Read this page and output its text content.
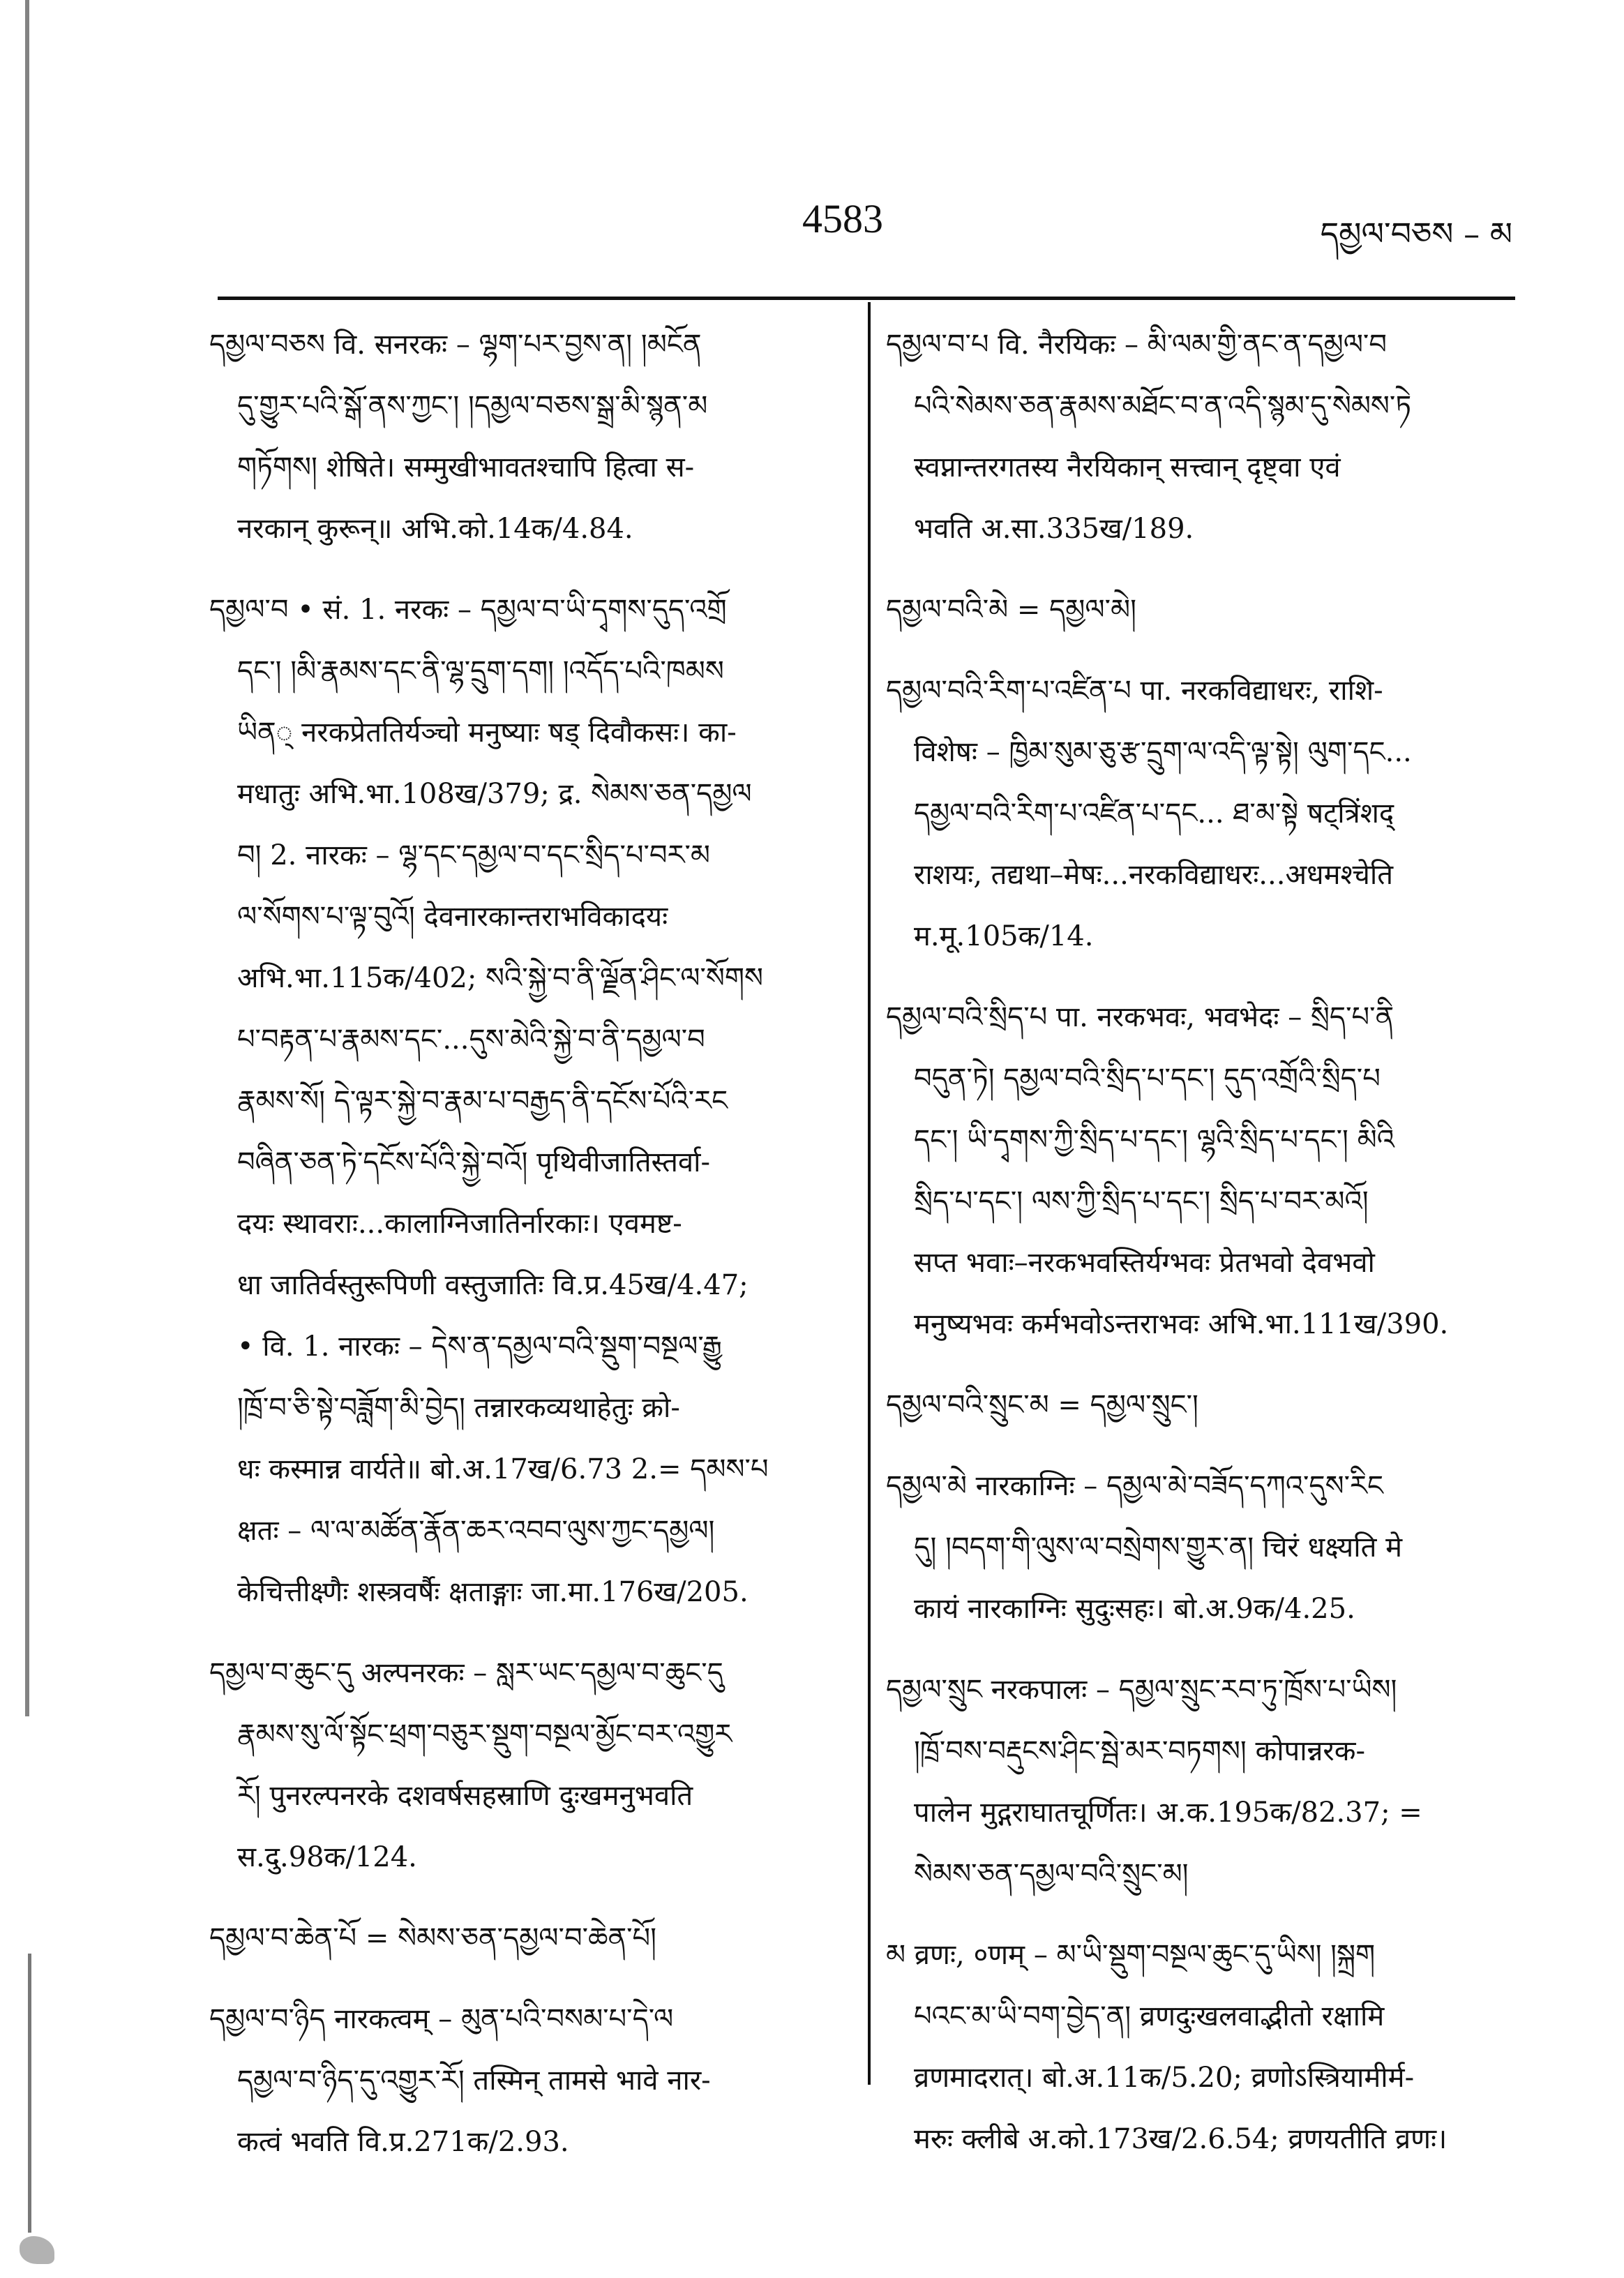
4583	དམྱལ་བཅས – མ
དམྱལ་བཅས वि. सनरकः – ལྷག་པར་བྱས་ན། །མངོན
དུ་གྱུར་པའི་སྒོ་ནས་ཀྱང་། །དམྱལ་བཅས་སྒྲ་མི་སྙན་མ
གཏོགས། शेषिते। सम्मुखीभावतश्चापि हित्वा स-
नरकान् कुरून्॥ अभि.को.14क/4.84.
དམྱལ་བ • सं. 1. नरकः – དམྱལ་བ་ཡི་དྭགས་དུད་འགྲོ
དང་། །མི་རྣམས་དང་ནི་ལྷ་དྲུག་དག། །འདོད་པའི་ཁམས
ཡིན् नरकप्रेततिर्यञ्चो मनुष्याः षड् दिवौकसः। का-
मधातुः अभि.भा.108ख/379; द्र. སེམས་ཅན་དམྱལ
བ། 2. नारकः – ལྷ་དང་དམྱལ་བ་དང་སྲིད་པ་བར་མ
ལ་སོགས་པ་ལྟ་བུའོ། देवनारकान्तराभविकादयः
अभि.भा.115क/402; སའི་སྐྱེ་བ་ནི་ལྗོན་ཤིང་ལ་སོགས
པ་བརྟན་པ་རྣམས་དང་...དུས་མེའི་སྐྱེ་བ་ནི་དམྱལ་བ
རྣམས་སོ། དེ་ལྟར་སྐྱེ་བ་རྣམ་པ་བརྒྱད་ནི་དངོས་པོའི་རང
བཞིན་ཅན་ཏེ་དངོས་པོའི་སྐྱེ་བའོ། पृथिवीजातिस्तर्वा-
दयः स्थावराः...कालाग्निजातिर्नारकाः। एवमष्ट-
धा जातिर्वस्तुरूपिणी वस्तुजातिः वि.प्र.45ख/4.47;
• वि. 1. नारकः – དེས་ན་དམྱལ་བའི་སྡུག་བསྔལ་རྒྱུ
།ཁྲོ་བ་ཅི་སྟེ་བཟློག་མི་བྱེད། तन्नारकव्यथाहेतुः क्रो-
धः कस्मान्न वार्यते॥ बो.अ.17ख/6.73 2.= དམས་པ
क्षतः – ལ་ལ་མཚོན་རྣོན་ཆར་འབབ་ལུས་ཀྱང་དམྱལ།
केचित्तीक्ष्णैः शस्त्रवर्षैः क्षताङ्गाः जा.मा.176ख/205.
དམྱལ་བ་ཆུང་དུ अल्पनरकः – སླར་ཡང་དམྱལ་བ་ཆུང་དུ
རྣམས་སུ་ལོ་སྟོང་ཕྲག་བཅུར་སྡུག་བསྔལ་མྱོང་བར་འགྱུར
རོ། पुनरल्पनरके दशवर्षसहस्राणि दुःखमनुभवति
स.दु.98क/124.
དམྱལ་བ་ཆེན་པོ = སེམས་ཅན་དམྱལ་བ་ཆེན་པོ།
དམྱལ་བ་ཉིད नारकत्वम् – མུན་པའི་བསམ་པ་དེ་ལ
དམྱལ་བ་ཉིད་དུ་འགྱུར་རོ། तस्मिन् तामसे भावे नार-
कत्वं भवति वि.प्र.271क/2.93.
དམྱལ་བ་པ वि. नैरयिकः – མི་ལམ་གྱི་ནང་ན་དམྱལ་བ
པའི་སེམས་ཅན་རྣམས་མཐོང་བ་ན་འདི་སྙམ་དུ་སེམས་ཏེ
स्वप्नान्तरगतस्य नैरयिकान् सत्त्वान् दृष्ट्वा एवं
भवति अ.सा.335ख/189.
དམྱལ་བའི་མེ = དམྱལ་མེ།
དམྱལ་བའི་རིག་པ་འཛིན་པ पा. नरकविद्याधरः, राशि-
विशेषः – ཁྱིམ་སུམ་ཅུ་རྩ་དྲུག་ལ་འདི་ལྟ་སྟེ། ལུག་དང...
དམྱལ་བའི་རིག་པ་འཛིན་པ་དང... ཐ་མ་སྟེ षट्त्रिंशद्
राशयः, तद्यथा–मेषः...नरकविद्याधरः...अधमश्चेति
म.मू.105क/14.
དམྱལ་བའི་སྲིད་པ पा. नरकभवः, भवभेदः – སྲིད་པ་ནི
བདུན་ཏེ། དམྱལ་བའི་སྲིད་པ་དང་། དུད་འགྲོའི་སྲིད་པ
དང་། ཡི་དྭགས་ཀྱི་སྲིད་པ་དང་། ལྷའི་སྲིད་པ་དང་། མིའི
སྲིད་པ་དང་། ལས་ཀྱི་སྲིད་པ་དང་། སྲིད་པ་བར་མའོ།
सप्त भवाः–नरकभवस्तिर्यग्भवः प्रेतभवो देवभवो
मनुष्यभवः कर्मभवोऽन्तराभवः अभि.भा.111ख/390.
དམྱལ་བའི་སྲུང་མ = དམྱལ་སྲུང་།
དམྱལ་མེ नारकाग्निः – དམྱལ་མེ་བཟོད་དཀའ་དུས་རིང
དུ། །བདག་གི་ལུས་ལ་བསྲེགས་གྱུར་ན། चिरं धक्ष्यति मे
कायं नारकाग्निः सुदुःसहः। बो.अ.9क/4.25.
དམྱལ་སྲུང नरकपालः – དམྱལ་སྲུང་རབ་ཏུ་ཁྲོས་པ་ཡིས།
།ཁྲོ་བས་བརྡུངས་ཤིང་སྦེ་མར་བཏགས། कोपान्नरक-
पालेन मुद्गराघातचूर्णितः। अ.क.195क/82.37; =
སེམས་ཅན་དམྱལ་བའི་སྲུང་མ།
མ व्रणः, ०णम् – མ་ཡི་སྡུག་བསྔལ་ཆུང་དུ་ཡིས། །སྐྲག
པའང་མ་ཡི་བག་བྱེད་ན། व्रणदुःखलवाद्भीतो रक्षामि
व्रणमादरात्। बो.अ.11क/5.20; व्रणोऽस्त्रियामीर्म-
मरुः क्लीबे अ.को.173ख/2.6.54; व्रणयतीति व्रणः।
